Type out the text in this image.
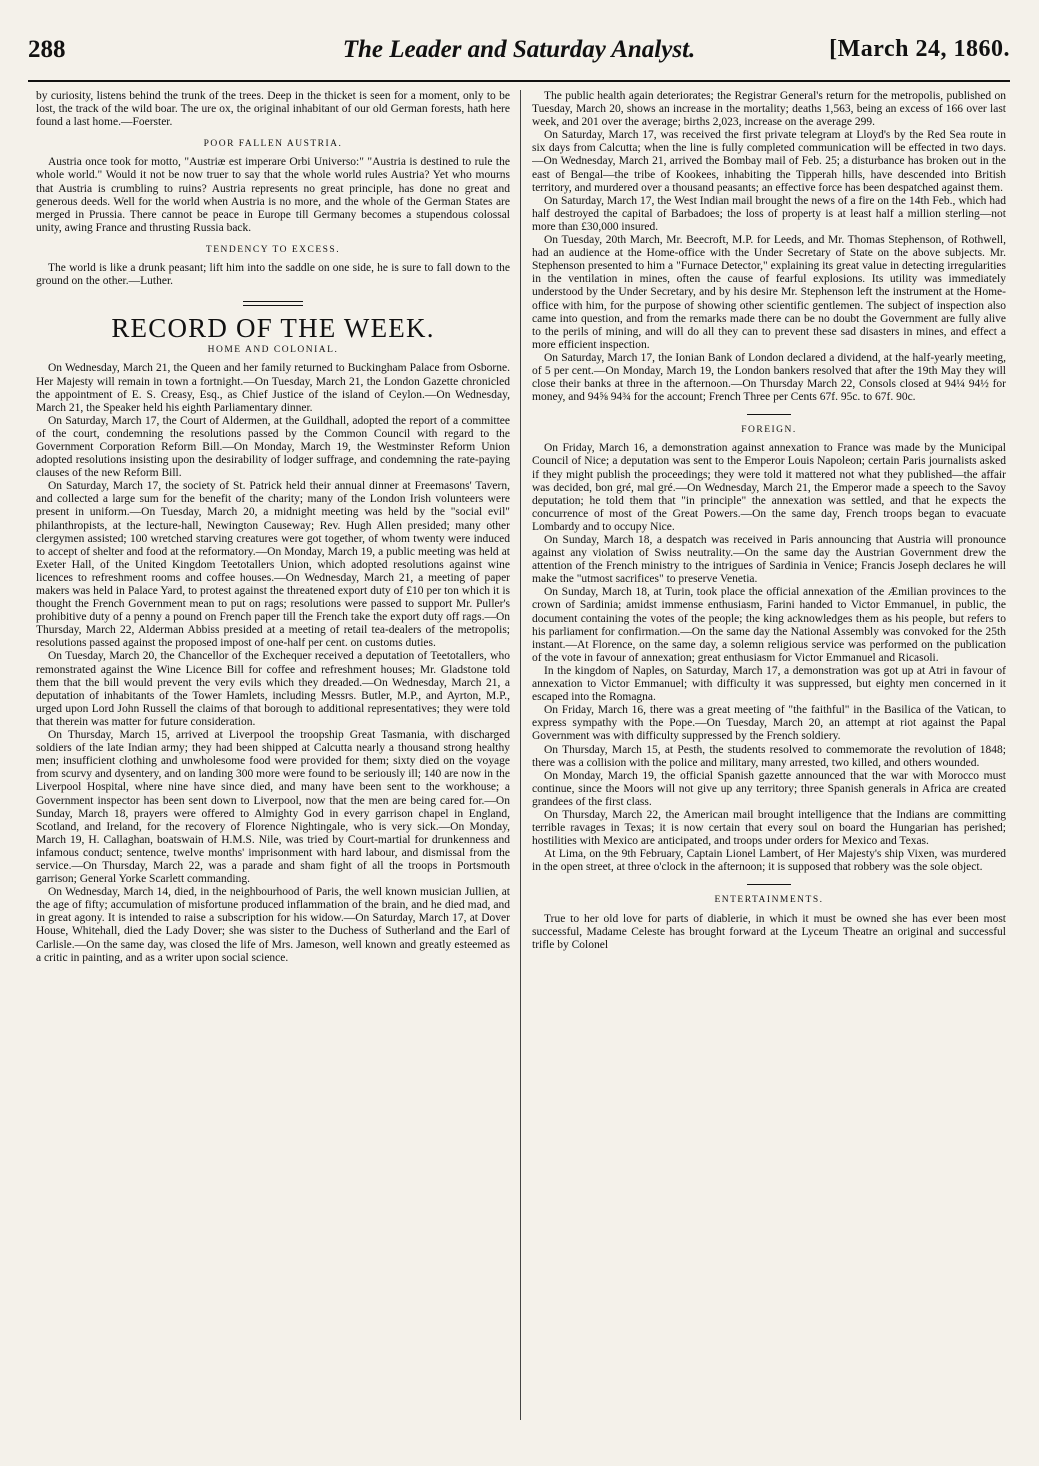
288	The Leader and Saturday Analyst.	[March 24, 1860.

by curiosity, listens behind the trunk of the trees. Deep in the thicket is seen for a moment, only to be lost, the track of the wild boar. The ure ox, the original inhabitant of our old German forests, hath here found a last home.—Foerster.

POOR FALLEN AUSTRIA.

Austria once took for motto, "Austriæ est imperare Orbi Universo:" "Austria is destined to rule the whole world." Would it not be now truer to say that the whole world rules Austria? Yet who mourns that Austria is crumbling to ruins? Austria represents no great principle, has done no great and generous deeds. Well for the world when Austria is no more, and the whole of the German States are merged in Prussia. There cannot be peace in Europe till Germany becomes a stupendous colossal unity, awing France and thrusting Russia back.

TENDENCY TO EXCESS.

The world is like a drunk peasant; lift him into the saddle on one side, he is sure to fall down to the ground on the other.—Luther.

RECORD OF THE WEEK.
HOME AND COLONIAL.

On Wednesday, March 21, the Queen and her family returned to Buckingham Palace from Osborne. Her Majesty will remain in town a fortnight.—On Tuesday, March 21, the London Gazette chronicled the appointment of E. S. Creasy, Esq., as Chief Justice of the island of Ceylon.—On Wednesday, March 21, the Speaker held his eighth Parliamentary dinner.

On Saturday, March 17, the Court of Aldermen, at the Guildhall, adopted the report of a committee of the court, condemning the resolutions passed by the Common Council with regard to the Government Corporation Reform Bill.—On Monday, March 19, the Westminster Reform Union adopted resolutions insisting upon the desirability of lodger suffrage, and condemning the rate-paying clauses of the new Reform Bill.

On Saturday, March 17, the society of St. Patrick held their annual dinner at Freemasons' Tavern, and collected a large sum for the benefit of the charity; many of the London Irish volunteers were present in uniform.—On Tuesday, March 20, a midnight meeting was held by the "social evil" philanthropists, at the lecture-hall, Newington Causeway; Rev. Hugh Allen presided; many other clergymen assisted; 100 wretched starving creatures were got together, of whom twenty were induced to accept of shelter and food at the reformatory.—On Monday, March 19, a public meeting was held at Exeter Hall, of the United Kingdom Teetotallers Union, which adopted resolutions against wine licences to refreshment rooms and coffee houses.—On Wednesday, March 21, a meeting of paper makers was held in Palace Yard, to protest against the threatened export duty of £10 per ton which it is thought the French Government mean to put on rags; resolutions were passed to support Mr. Puller's prohibitive duty of a penny a pound on French paper till the French take the export duty off rags.—On Thursday, March 22, Alderman Abbiss presided at a meeting of retail tea-dealers of the metropolis; resolutions passed against the proposed impost of one-half per cent. on customs duties.

On Tuesday, March 20, the Chancellor of the Exchequer received a deputation of Teetotallers, who remonstrated against the Wine Licence Bill for coffee and refreshment houses; Mr. Gladstone told them that the bill would prevent the very evils which they dreaded.—On Wednesday, March 21, a deputation of inhabitants of the Tower Hamlets, including Messrs. Butler, M.P., and Ayrton, M.P., urged upon Lord John Russell the claims of that borough to additional representatives; they were told that therein was matter for future consideration.

On Thursday, March 15, arrived at Liverpool the troopship Great Tasmania, with discharged soldiers of the late Indian army; they had been shipped at Calcutta nearly a thousand strong healthy men; insufficient clothing and unwholesome food were provided for them; sixty died on the voyage from scurvy and dysentery, and on landing 300 more were found to be seriously ill; 140 are now in the Liverpool Hospital, where nine have since died, and many have been sent to the workhouse; a Government inspector has been sent down to Liverpool, now that the men are being cared for.—On Sunday, March 18, prayers were offered to Almighty God in every garrison chapel in England, Scotland, and Ireland, for the recovery of Florence Nightingale, who is very sick.—On Monday, March 19, H. Callaghan, boatswain of H.M.S. Nile, was tried by Court-martial for drunkenness and infamous conduct; sentence, twelve months' imprisonment with hard labour, and dismissal from the service.—On Thursday, March 22, was a parade and sham fight of all the troops in Portsmouth garrison; General Yorke Scarlett commanding.

On Wednesday, March 14, died, in the neighbourhood of Paris, the well known musician Jullien, at the age of fifty; accumulation of misfortune produced inflammation of the brain, and he died mad, and in great agony. It is intended to raise a subscription for his widow.—On Saturday, March 17, at Dover House, Whitehall, died the Lady Dover; she was sister to the Duchess of Sutherland and the Earl of Carlisle.—On the same day, was closed the life of Mrs. Jameson, well known and greatly esteemed as a critic in painting, and as a writer upon social science.

The public health again deteriorates; the Registrar General's return for the metropolis, published on Tuesday, March 20, shows an increase in the mortality; deaths 1,563, being an excess of 166 over last week, and 201 over the average; births 2,023, increase on the average 299.

On Saturday, March 17, was received the first private telegram at Lloyd's by the Red Sea route in six days from Calcutta; when the line is fully completed communication will be effected in two days.—On Wednesday, March 21, arrived the Bombay mail of Feb. 25; a disturbance has broken out in the east of Bengal—the tribe of Kookees, inhabiting the Tipperah hills, have descended into British territory, and murdered over a thousand peasants; an effective force has been despatched against them.

On Saturday, March 17, the West Indian mail brought the news of a fire on the 14th Feb., which had half destroyed the capital of Barbadoes; the loss of property is at least half a million sterling—not more than £30,000 insured.

On Tuesday, 20th March, Mr. Beecroft, M.P. for Leeds, and Mr. Thomas Stephenson, of Rothwell, had an audience at the Home-office with the Under Secretary of State on the above subjects. Mr. Stephenson presented to him a "Furnace Detector," explaining its great value in detecting irregularities in the ventilation in mines, often the cause of fearful explosions. Its utility was immediately understood by the Under Secretary, and by his desire Mr. Stephenson left the instrument at the Home-office with him, for the purpose of showing other scientific gentlemen. The subject of inspection also came into question, and from the remarks made there can be no doubt the Government are fully alive to the perils of mining, and will do all they can to prevent these sad disasters in mines, and effect a more efficient inspection.

On Saturday, March 17, the Ionian Bank of London declared a dividend, at the half-yearly meeting, of 5 per cent.—On Monday, March 19, the London bankers resolved that after the 19th May they will close their banks at three in the afternoon.—On Thursday March 22, Consols closed at 94¼ 94½ for money, and 94⅝ 94¾ for the account; French Three per Cents 67f. 95c. to 67f. 90c.

FOREIGN.

On Friday, March 16, a demonstration against annexation to France was made by the Municipal Council of Nice; a deputation was sent to the Emperor Louis Napoleon; certain Paris journalists asked if they might publish the proceedings; they were told it mattered not what they published—the affair was decided, bon gré, mal gré.—On Wednesday, March 21, the Emperor made a speech to the Savoy deputation; he told them that "in principle" the annexation was settled, and that he expects the concurrence of most of the Great Powers.—On the same day, French troops began to evacuate Lombardy and to occupy Nice.

On Sunday, March 18, a despatch was received in Paris announcing that Austria will pronounce against any violation of Swiss neutrality.—On the same day the Austrian Government drew the attention of the French ministry to the intrigues of Sardinia in Venice; Francis Joseph declares he will make the "utmost sacrifices" to preserve Venetia.

On Sunday, March 18, at Turin, took place the official annexation of the Æmilian provinces to the crown of Sardinia; amidst immense enthusiasm, Farini handed to Victor Emmanuel, in public, the document containing the votes of the people; the king acknowledges them as his people, but refers to his parliament for confirmation.—On the same day the National Assembly was convoked for the 25th instant.—At Florence, on the same day, a solemn religious service was performed on the publication of the vote in favour of annexation; great enthusiasm for Victor Emmanuel and Ricasoli.

In the kingdom of Naples, on Saturday, March 17, a demonstration was got up at Atri in favour of annexation to Victor Emmanuel; with difficulty it was suppressed, but eighty men concerned in it escaped into the Romagna.

On Friday, March 16, there was a great meeting of "the faithful" in the Basilica of the Vatican, to express sympathy with the Pope.—On Tuesday, March 20, an attempt at riot against the Papal Government was with difficulty suppressed by the French soldiery.

On Thursday, March 15, at Pesth, the students resolved to commemorate the revolution of 1848; there was a collision with the police and military, many arrested, two killed, and others wounded.

On Monday, March 19, the official Spanish gazette announced that the war with Morocco must continue, since the Moors will not give up any territory; three Spanish generals in Africa are created grandees of the first class.

On Thursday, March 22, the American mail brought intelligence that the Indians are committing terrible ravages in Texas; it is now certain that every soul on board the Hungarian has perished; hostilities with Mexico are anticipated, and troops under orders for Mexico and Texas.

At Lima, on the 9th February, Captain Lionel Lambert, of Her Majesty's ship Vixen, was murdered in the open street, at three o'clock in the afternoon; it is supposed that robbery was the sole object.

ENTERTAINMENTS.

True to her old love for parts of diablerie, in which it must be owned she has ever been most successful, Madame Celeste has brought forward at the Lyceum Theatre an original and successful trifle by Colonel
